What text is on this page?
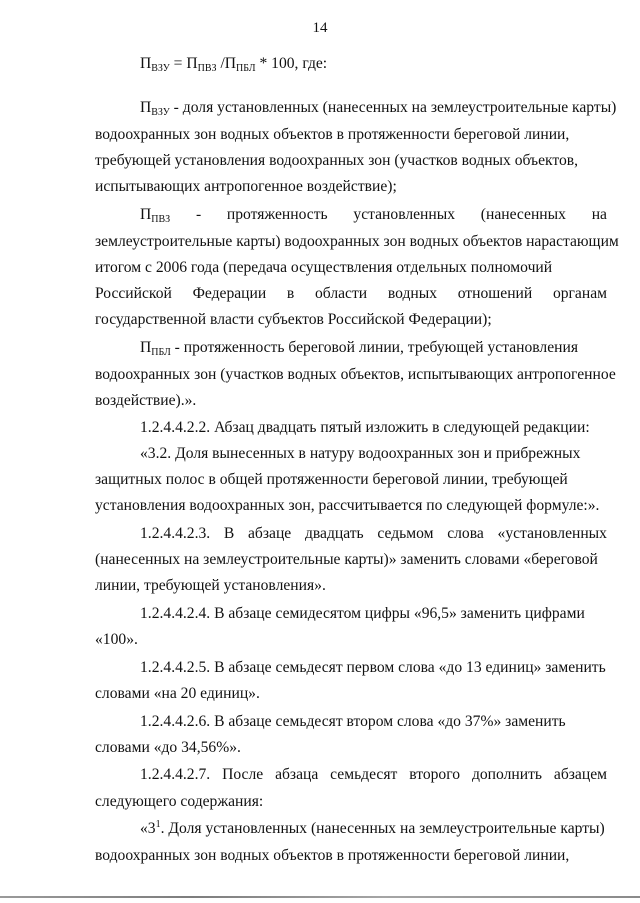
14
$П_{ВЗУ} = П_{ПВЗ}$ $/П_{ПБЛ} * 100$, где:
$П_{ВЗУ}$ - доля установленных (нанесенных на землеустроительные карты)
водоохранных зон водных объектов в протяженности береговой линии,
требующей установления водоохранных зон (участков водных объектов,
испытывающих антропогенное воздействие);
$П_{ПВЗ}$ - протяженность установленных (нанесенных на
землеустроительные карты) водоохранных зон водных объектов нарастающим
итогом с 2006 года (передача осуществления отдельных полномочий
Российской Федерации в области водных отношений органам
государственной власти субъектов Российской Федерации);
$П_{ПБЛ}$ - протяженность береговой линии, требующей установления
водоохранных зон (участков водных объектов, испытывающих антропогенное
воздействие).».
1.2.4.4.2.2. Абзац двадцать пятый изложить в следующей редакции:
«3.2. Доля вынесенных в натуру водоохранных зон и прибрежных
защитных полос в общей протяженности береговой линии, требующей
установления водоохранных зон, рассчитывается по следующей формуле:».
1.2.4.4.2.3. В абзаце двадцать седьмом слова «установленных
(нанесенных на землеустроительные карты)» заменить словами «береговой
линии, требующей установления».
1.2.4.4.2.4. В абзаце семидесятом цифры «96,5» заменить цифрами
«100».
1.2.4.4.2.5. В абзаце семьдесят первом слова «до 13 единиц» заменить
словами «на 20 единиц».
1.2.4.4.2.6. В абзаце семьдесят втором слова «до 37%» заменить
словами «до 34,56%».
1.2.4.4.2.7. После абзаца семьдесят второго дополнить абзацем
следующего содержания:
«$3^1$. Доля установленных (нанесенных на землеустроительные карты)
водоохранных зон водных объектов в протяженности береговой линии,
